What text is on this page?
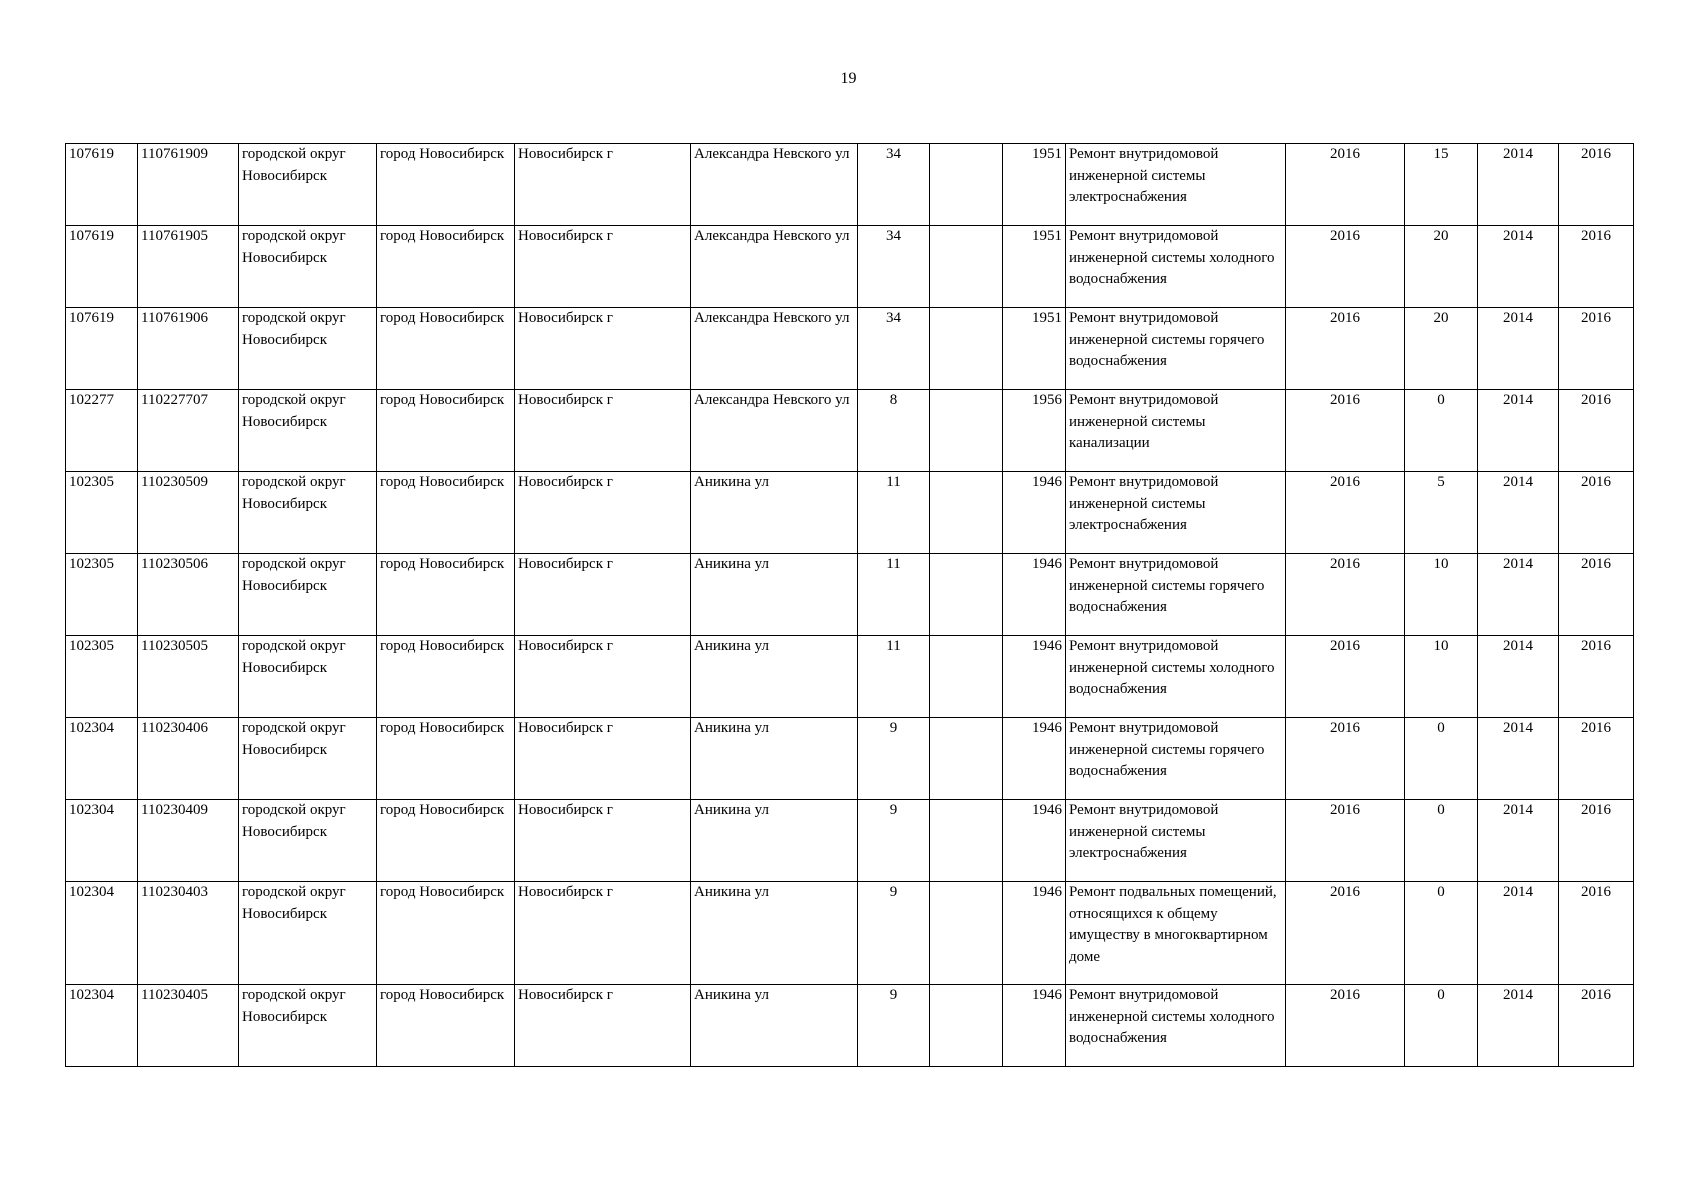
19
107619	110761909	городской округ Новосибирск	город Новосибирск	Новосибирск г	Александра Невского ул	34		1951	Ремонт внутридомовой инженерной системы электроснабжения	2016	15	2014	2016
107619	110761905	городской округ Новосибирск	город Новосибирск	Новосибирск г	Александра Невского ул	34		1951	Ремонт внутридомовой инженерной системы холодного водоснабжения	2016	20	2014	2016
107619	110761906	городской округ Новосибирск	город Новосибирск	Новосибирск г	Александра Невского ул	34		1951	Ремонт внутридомовой инженерной системы горячего водоснабжения	2016	20	2014	2016
102277	110227707	городской округ Новосибирск	город Новосибирск	Новосибирск г	Александра Невского ул	8		1956	Ремонт внутридомовой инженерной системы канализации	2016	0	2014	2016
102305	110230509	городской округ Новосибирск	город Новосибирск	Новосибирск г	Аникина ул	11		1946	Ремонт внутридомовой инженерной системы электроснабжения	2016	5	2014	2016
102305	110230506	городской округ Новосибирск	город Новосибирск	Новосибирск г	Аникина ул	11		1946	Ремонт внутридомовой инженерной системы горячего водоснабжения	2016	10	2014	2016
102305	110230505	городской округ Новосибирск	город Новосибирск	Новосибирск г	Аникина ул	11		1946	Ремонт внутридомовой инженерной системы холодного водоснабжения	2016	10	2014	2016
102304	110230406	городской округ Новосибирск	город Новосибирск	Новосибирск г	Аникина ул	9		1946	Ремонт внутридомовой инженерной системы горячего водоснабжения	2016	0	2014	2016
102304	110230409	городской округ Новосибирск	город Новосибирск	Новосибирск г	Аникина ул	9		1946	Ремонт внутридомовой инженерной системы электроснабжения	2016	0	2014	2016
102304	110230403	городской округ Новосибирск	город Новосибирск	Новосибирск г	Аникина ул	9		1946	Ремонт подвальных помещений, относящихся к общему имуществу в многоквартирном доме	2016	0	2014	2016
102304	110230405	городской округ Новосибирск	город Новосибирск	Новосибирск г	Аникина ул	9		1946	Ремонт внутридомовой инженерной системы холодного водоснабжения	2016	0	2014	2016
